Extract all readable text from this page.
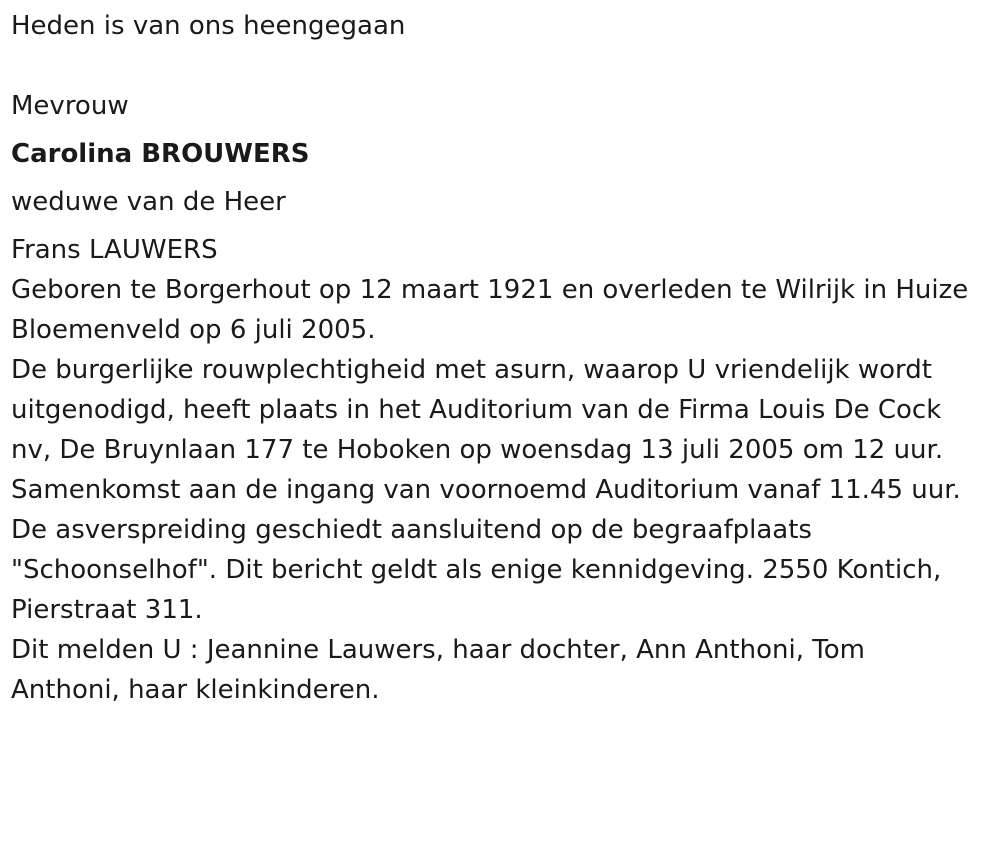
Heden is van ons heengegaan
Mevrouw
Carolina BROUWERS
weduwe van de Heer
Frans LAUWERS
Geboren te Borgerhout op 12 maart 1921 en overleden te Wilrijk in Huize
Bloemenveld op 6 juli 2005.
De burgerlijke rouwplechtigheid met asurn, waarop U vriendelijk wordt
uitgenodigd, heeft plaats in het Auditorium van de Firma Louis De Cock
nv, De Bruynlaan 177 te Hoboken op woensdag 13 juli 2005 om 12 uur.
Samenkomst aan de ingang van voornoemd Auditorium vanaf 11.45 uur.
De asverspreiding geschiedt aansluitend op de begraafplaats
"Schoonselhof". Dit bericht geldt als enige kennidgeving. 2550 Kontich,
Pierstraat 311.
Dit melden U : Jeannine Lauwers, haar dochter, Ann Anthoni, Tom
Anthoni, haar kleinkinderen.
